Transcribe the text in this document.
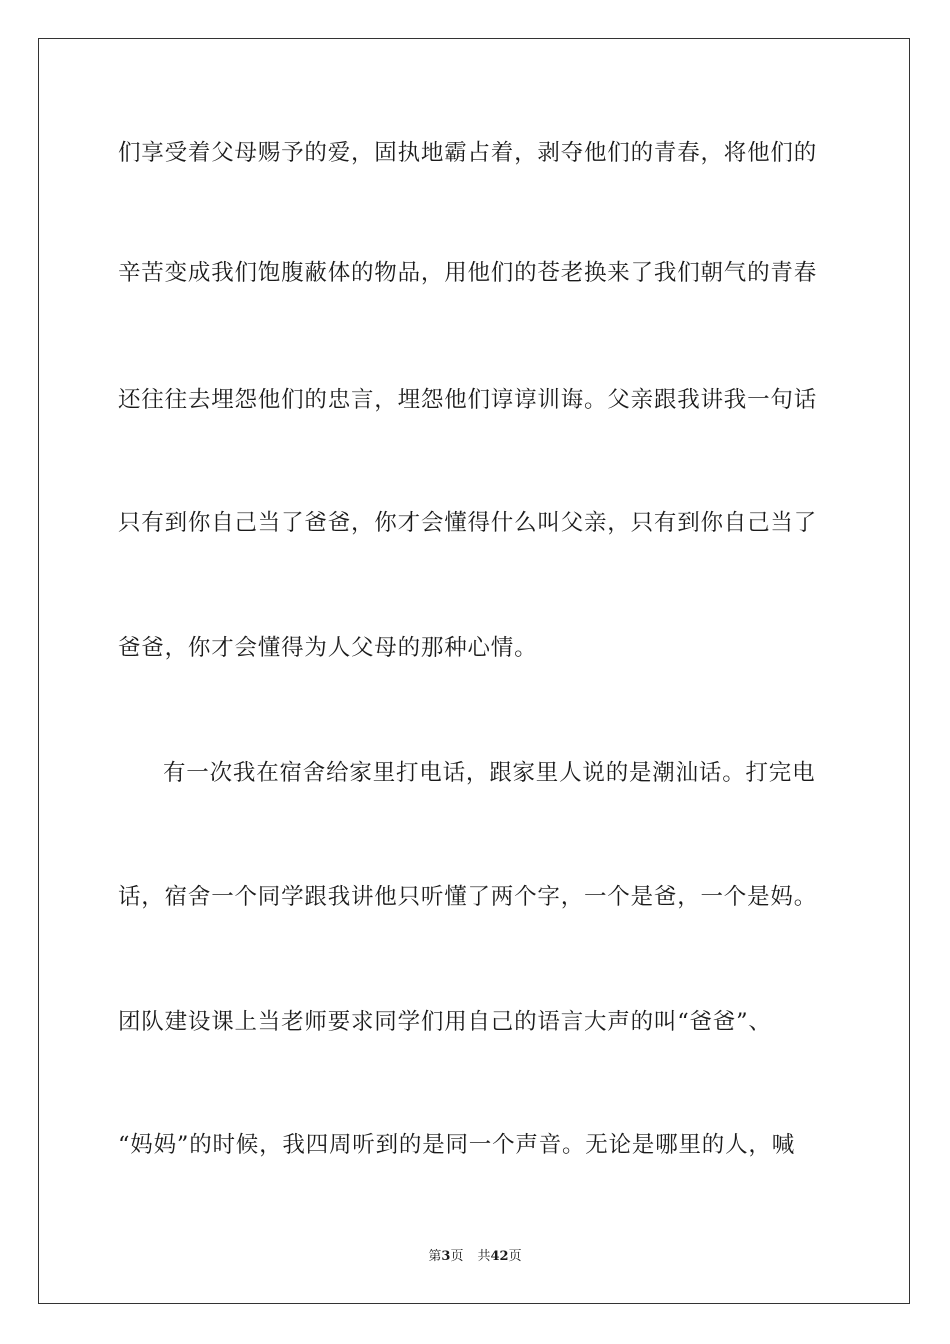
们享受着父母赐予的爱，固执地霸占着，剥夺他们的青春，将他们的
辛苦变成我们饱腹蔽体的物品，用他们的苍老换来了我们朝气的青春
还往往去埋怨他们的忠言，埋怨他们谆谆训诲。父亲跟我讲我一句话
只有到你自己当了爸爸，你才会懂得什么叫父亲，只有到你自己当了
爸爸，你才会懂得为人父母的那种心情。
有一次我在宿舍给家里打电话，跟家里人说的是潮汕话。打完电
话，宿舍一个同学跟我讲他只听懂了两个字，一个是爸，一个是妈。
团队建设课上当老师要求同学们用自己的语言大声的叫“爸爸”、
“妈妈”的时候，我四周听到的是同一个声音。无论是哪里的人，喊
第3页 共42页
